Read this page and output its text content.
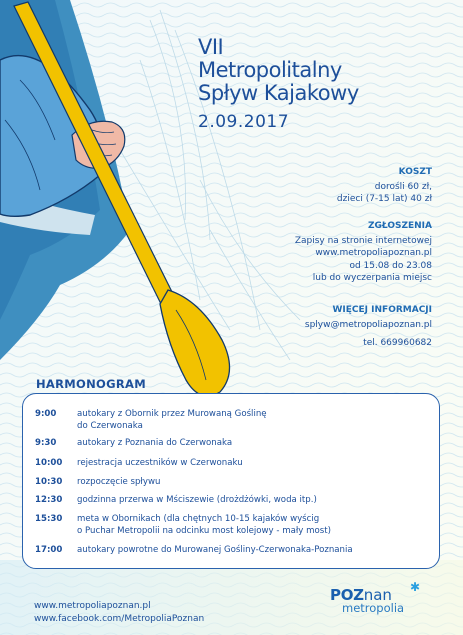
VII
Metropolitalny
Spływ Kajakowy
2.09.2017
KOSZT
dorośli 60 zł,
dzieci (7-15 lat) 40 zł
ZGŁOSZENIA
Zapisy na stronie internetowej
www.metropoliapoznan.pl
od 15.08 do 23.08
lub do wyczerpania miejsc
WIĘCEJ INFORMACJI
splyw@metropoliapoznan.pl
tel. 669960682
HARMONOGRAM
9:00	autokary z Obornik przez Murowaną Goślinę
do Czerwonaka
9:30	autokary z Poznania do Czerwonaka
10:00	rejestracja uczestników w Czerwonaku
10:30	rozpoczęcie spływu
12:30	godzinna przerwa w Mściszewie (drożdżówki, woda itp.)
15:30	meta w Obornikach (dla chętnych 10-15 kajaków wyścig
o Puchar Metropolii na odcinku most kolejowy - mały most)
17:00	autokary powrotne do Murowanej Gośliny-Czerwonaka-Poznania
www.metropoliapoznan.pl
www.facebook.com/MetropoliaPoznan
POZnan	✱
metropolia
